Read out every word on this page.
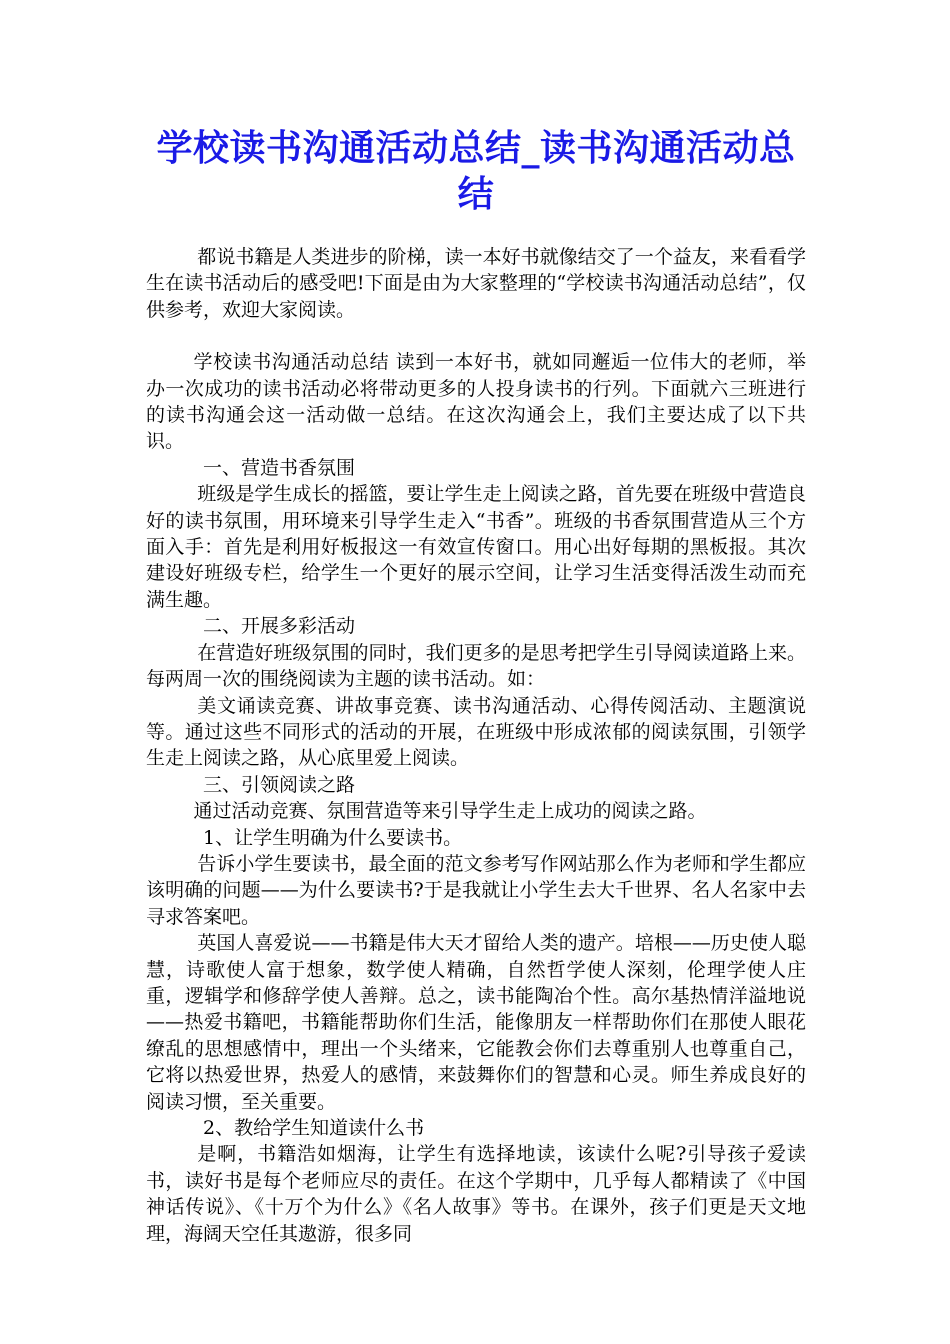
学校读书沟通活动总结_读书沟通活动总结

都说书籍是人类进步的阶梯，读一本好书就像结交了一个益友，来看看学生在读书活动后的感受吧!下面是由为大家整理的“学校读书沟通活动总结”，仅供参考，欢迎大家阅读。

学校读书沟通活动总结 读到一本好书，就如同邂逅一位伟大的老师，举办一次成功的读书活动必将带动更多的人投身读书的行列。下面就六三班进行的读书沟通会这一活动做一总结。在这次沟通会上，我们主要达成了以下共识。

一、营造书香氛围

班级是学生成长的摇篮，要让学生走上阅读之路，首先要在班级中营造良好的读书氛围，用环境来引导学生走入“书香”。班级的书香氛围营造从三个方面入手：首先是利用好板报这一有效宣传窗口。用心出好每期的黑板报。其次建设好班级专栏，给学生一个更好的展示空间，让学习生活变得活泼生动而充满生趣。

二、开展多彩活动

在营造好班级氛围的同时，我们更多的是思考把学生引导阅读道路上来。每两周一次的围绕阅读为主题的读书活动。如：

美文诵读竞赛、讲故事竞赛、读书沟通活动、心得传阅活动、主题演说等。通过这些不同形式的活动的开展，在班级中形成浓郁的阅读氛围，引领学生走上阅读之路，从心底里爱上阅读。

三、引领阅读之路

通过活动竞赛、氛围营造等来引导学生走上成功的阅读之路。

1、让学生明确为什么要读书。

告诉小学生要读书，最全面的范文参考写作网站那么作为老师和学生都应该明确的问题——为什么要读书?于是我就让小学生去大千世界、名人名家中去寻求答案吧。

英国人喜爱说——书籍是伟大天才留给人类的遗产。培根——历史使人聪慧，诗歌使人富于想象，数学使人精确，自然哲学使人深刻，伦理学使人庄重，逻辑学和修辞学使人善辩。总之，读书能陶冶个性。高尔基热情洋溢地说——热爱书籍吧，书籍能帮助你们生活，能像朋友一样帮助你们在那使人眼花缭乱的思想感情中，理出一个头绪来，它能教会你们去尊重别人也尊重自己，它将以热爱世界，热爱人的感情，来鼓舞你们的智慧和心灵。师生养成良好的阅读习惯，至关重要。

2、教给学生知道读什么书

是啊，书籍浩如烟海，让学生有选择地读，该读什么呢?引导孩子爱读书，读好书是每个老师应尽的责任。在这个学期中，几乎每人都精读了《中国神话传说》、《十万个为什么》《名人故事》等书。在课外，孩子们更是天文地理，海阔天空任其遨游，很多同
